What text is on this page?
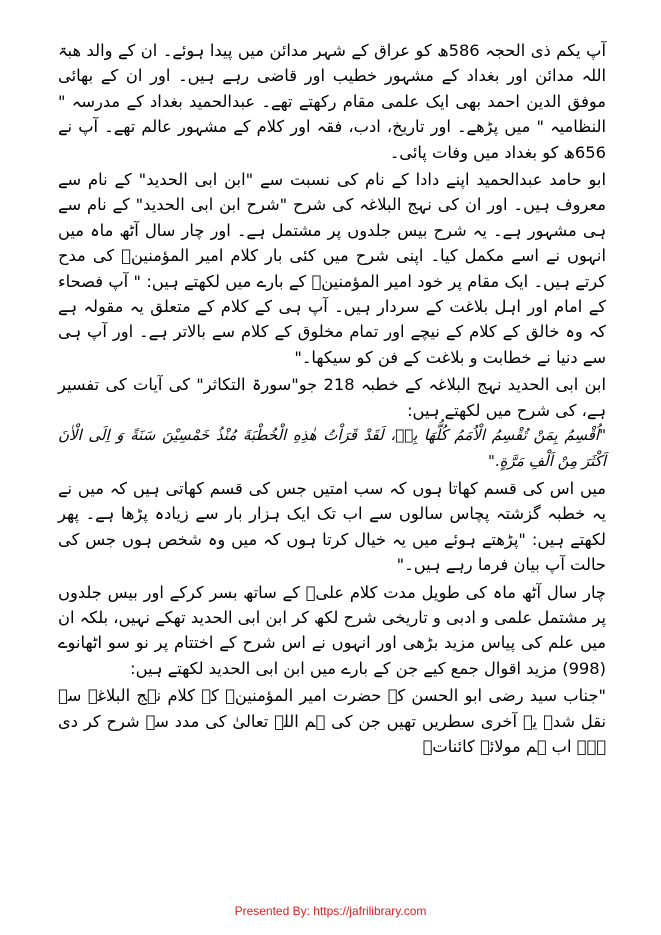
آپ یکم ذی الحجہ 586ھ کو عراق کے شہر مدائن میں پیدا ہوئے۔ ان کے والد ھبۃ اللہ مدائن اور بغداد کے مشہور خطیب اور قاضی رہے ہیں۔ اور ان کے بھائی موفق الدین احمد بھی ایک علمی مقام رکھتے تھے۔ عبدالحمید بغداد کے مدرسہ " النظامیہ " میں پڑھے۔ اور تاریخ، ادب، فقہ اور کلام کے مشہور عالم تھے۔ آپ نے 656ھ کو بغداد میں وفات پائی۔

ابو حامد عبدالحمید اپنے دادا کے نام کی نسبت سے "ابن ابی الحدید" کے نام سے معروف ہیں۔ اور ان کی نہج البلاغہ کی شرح "شرح ابن ابی الحدید" کے نام سے ہی مشہور ہے۔ یہ شرح بیس جلدوں پر مشتمل ہے۔ اور چار سال آٹھ ماہ میں انہوں نے اسے مکمل کیا۔ اپنی شرح میں کئی بار کلام امیر المؤمنینؑ کی مدح کرتے ہیں۔ ایک مقام پر خود امیر المؤمنینؑ کے بارے میں لکھتے ہیں: " آپ فصحاء کے امام اور اہل بلاغت کے سردار ہیں۔ آپ ہی کے کلام کے متعلق یہ مقولہ ہے کہ وہ خالق کے کلام کے نیچے اور تمام مخلوق کے کلام سے بالاتر ہے۔ اور آپ ہی سے دنیا نے خطابت و بلاغت کے فن کو سیکھا۔"

ابن ابی الحدید نہج البلاغہ کے خطبہ 218 جو"سورۃ التکاثر" کی آیات کی تفسیر ہے، کی شرح میں لکھتے ہیں:

"اُقْسِمُ بِمَنْ تُقْسِمُ الْاُمَمُ كُلُّهَا بِهٖ، لَقَدْ قَرَاْتُ هٰذِهِ الْخُطْبَةَ مُنْذُ خَمْسِيْنَ سَنَةً وَ اِلَى الْاٰنَ اَكْثَرَ مِنْ اَلْفِ مَرَّةٍ."

میں اس کی قسم کھاتا ہوں کہ سب امتیں جس کی قسم کھاتی ہیں کہ میں نے یہ خطبہ گزشتہ پچاس سالوں سے اب تک ایک ہزار بار سے زیادہ پڑھا ہے۔ پھر لکھتے ہیں: "پڑھتے ہوئے میں یہ خیال کرتا ہوں کہ میں وہ شخص ہوں جس کی حالت آپ بیان فرما رہے ہیں۔"

چار سال آٹھ ماہ کی طویل مدت کلام علیؑ کے ساتھ بسر کرکے اور بیس جلدوں پر مشتمل علمی و ادبی و تاریخی شرح لکھ کر ابن ابی الحدید تھکے نہیں، بلکہ ان میں علم کی پیاس مزید بڑھی اور انہوں نے اس شرح کے اختتام پر نو سو اٹھانوے (998) مزید اقوال جمع کیے جن کے بارے میں ابن ابی الحدید لکھتے ہیں:

"جناب سید رضی ابو الحسن کے حضرت امیر المؤمنینؑ کے کلام نہج البلاغہ سے نقل شدہ یہ آخری سطریں تھیں جن کی ہم اللہ تعالیٰ کی مدد سے شرح کر دی ہے۔ اب ہم مولائے کائناتؑ

Presented By: https://jafrilibrary.com
